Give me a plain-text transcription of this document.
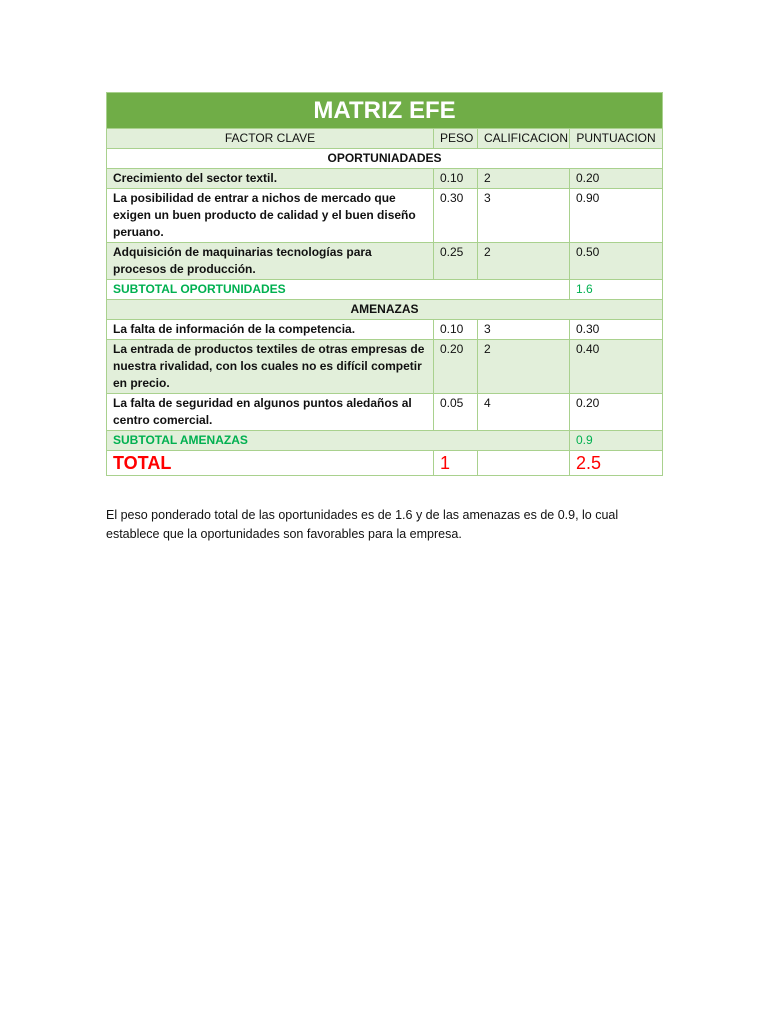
MATRIZ EFE			
FACTOR CLAVE	PESO	CALIFICACION	PUNTUACION
OPORTUNIADADES			
Crecimiento del sector textil.	0.10	2	0.20
La posibilidad de entrar a nichos de mercado que exigen un buen producto de calidad y el buen diseño peruano.	0.30	3	0.90
Adquisición de maquinarias tecnologías para procesos de producción.	0.25	2	0.50
SUBTOTAL OPORTUNIDADES			1.6
AMENAZAS			
La falta de información de la competencia.	0.10	3	0.30
La entrada de productos textiles de otras empresas de nuestra rivalidad, con los cuales no es difícil competir en precio.	0.20	2	0.40
La falta de seguridad en algunos puntos aledaños al centro comercial.	0.05	4	0.20
SUBTOTAL AMENAZAS			0.9
TOTAL	1		2.5

El peso ponderado total de las oportunidades es de 1.6 y de las amenazas es de 0.9, lo cual establece que la oportunidades son favorables para la empresa.
